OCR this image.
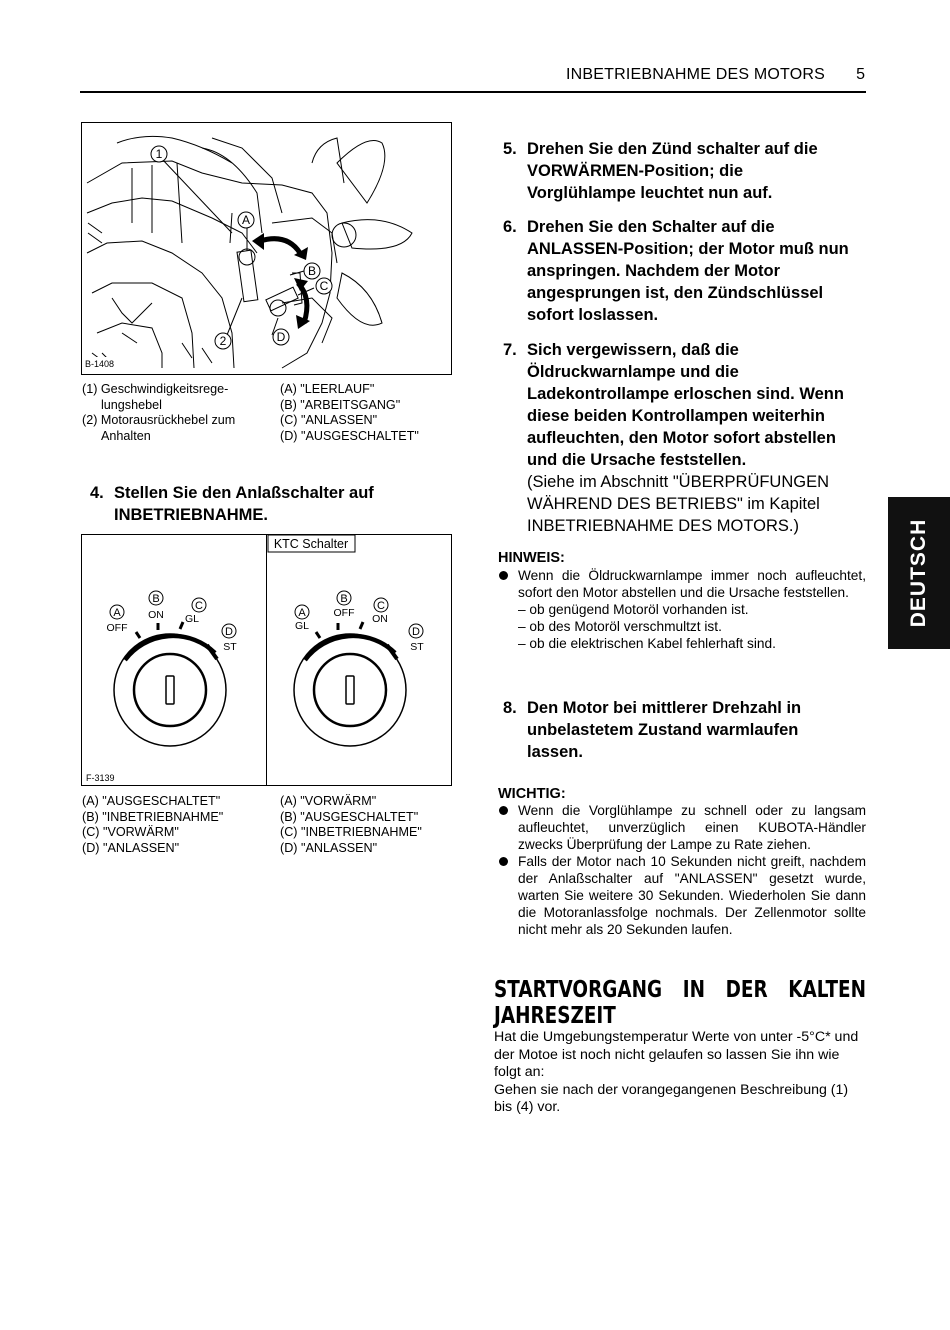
INBETRIEBNAHME DES MOTORS	5
DEUTSCH
1
2
A
B
C
D
B-1408
(1) Geschwindigkeitsrege-
lungshebel
(2) Motorausrückhebel zum
Anhalten
(A) "LEERLAUF"
(B) "ARBEITSGANG"
(C) "ANLASSEN"
(D) "AUSGESCHALTET"
4. Stellen Sie den Anlaßschalter auf INBETRIEBNAHME.
KTC Schalter
A
OFF
B
ON
C
GL
D
ST
A
GL
B
OFF
C
ON
D
ST
F-3139
(A) "AUSGESCHALTET"
(B) "INBETRIEBNAHME"
(C) "VORWÄRM"
(D) "ANLASSEN"
(A) "VORWÄRM"
(B) "AUSGESCHALTET"
(C) "INBETRIEBNAHME"
(D) "ANLASSEN"
5. Drehen Sie den Zünd schalter auf die VORWÄRMEN-Position; die Vorglühlampe leuchtet nun auf.
6. Drehen Sie den Schalter auf die ANLASSEN-Position; der Motor muß nun anspringen. Nachdem der Motor angesprungen ist, den Zündschlüssel sofort loslassen.
7. Sich vergewissern, daß die Öldruckwarnlampe und die Ladekontrollampe erloschen sind. Wenn diese beiden Kontrollampen weiterhin aufleuchten, den Motor sofort abstellen und die Ursache feststellen.
(Siehe im Abschnitt "ÜBERPRÜFUNGEN WÄHREND DES BETRIEBS" im Kapitel INBETRIEBNAHME DES MOTORS.)
HINWEIS:
Wenn die Öldruckwarnlampe immer noch aufleuchtet, sofort den Motor abstellen und die Ursache feststellen.
– ob genügend Motoröl vorhanden ist.
– ob des Motoröl verschmultzt ist.
– ob die elektrischen Kabel fehlerhaft sind.
8. Den Motor bei mittlerer Drehzahl in unbelastetem Zustand warmlaufen lassen.
WICHTIG:
Wenn die Vorglühlampe zu schnell oder zu langsam aufleuchtet, unverzüglich einen KUBOTA-Händler zwecks Überprüfung der Lampe zu Rate ziehen.
Falls der Motor nach 10 Sekunden nicht greift, nachdem der Anlaßschalter auf "ANLASSEN" gesetzt wurde, warten Sie weitere 30 Sekunden. Wiederholen Sie dann die Motoranlassfolge nochmals. Der Zellenmotor sollte nicht mehr als 20 Sekunden laufen.
STARTVORGANG IN DER KALTEN JAHRESZEIT
Hat die Umgebungstemperatur Werte von unter -5°C* und der Motoe ist noch nicht gelaufen so lassen Sie ihn wie folgt an:
Gehen sie nach der vorangegangenen Beschreibung (1) bis (4) vor.
